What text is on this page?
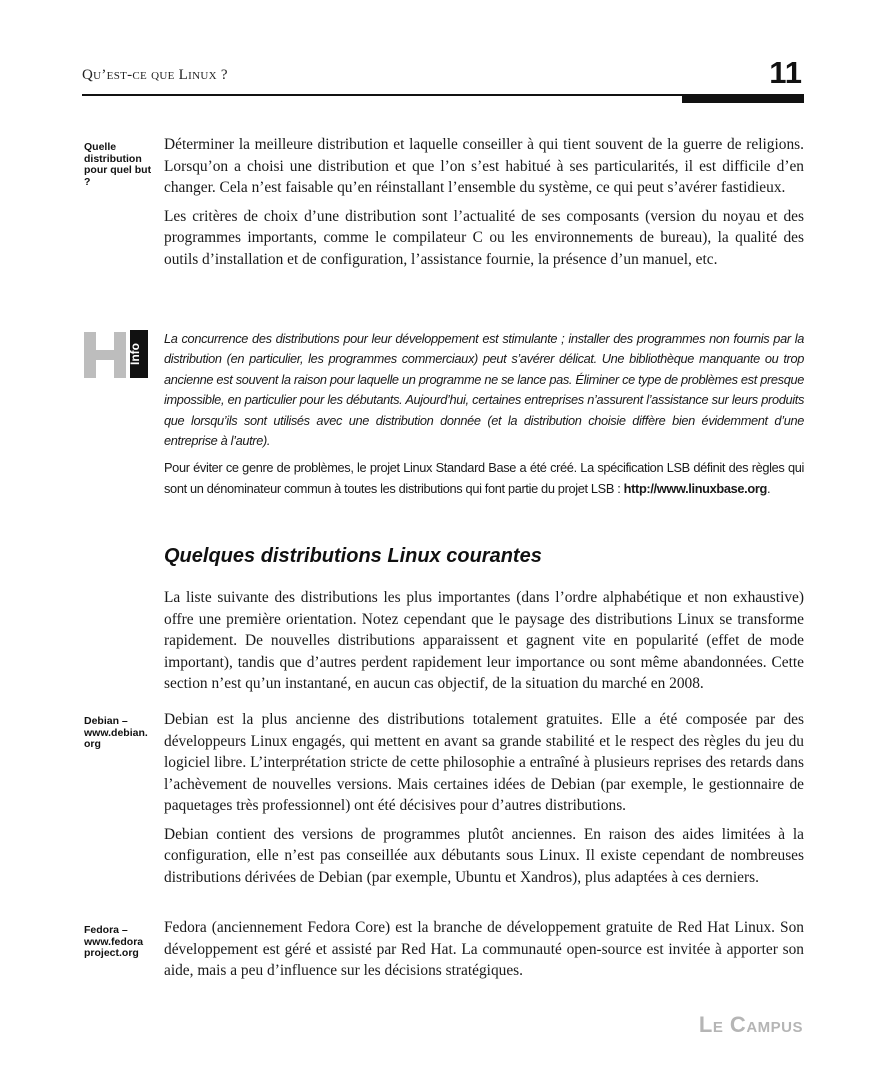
Qu’est-ce que Linux ?	11
Quelle distribution pour quel but ?

Déterminer la meilleure distribution et laquelle conseiller à qui tient souvent de la guerre de religions. Lorsqu’on a choisi une distribution et que l’on s’est habitué à ses particularités, il est difficile d’en changer. Cela n’est faisable qu’en réinstallant l’ensemble du système, ce qui peut s’avérer fastidieux.

Les critères de choix d’une distribution sont l’actualité de ses composants (version du noyau et des programmes importants, comme le compilateur C ou les environnements de bureau), la qualité des outils d’installation et de configuration, l’assistance fournie, la présence d’un manuel, etc.

Info

La concurrence des distributions pour leur développement est stimulante ; installer des programmes non fournis par la distribution (en particulier, les programmes commerciaux) peut s’avérer délicat. Une bibliothèque manquante ou trop ancienne est souvent la raison pour laquelle un programme ne se lance pas. Éliminer ce type de problèmes est presque impossible, en particulier pour les débutants. Aujourd’hui, certaines entreprises n’assurent l’assistance sur leurs produits que lorsqu’ils sont utilisés avec une distribution donnée (et la distribution choisie diffère bien évidemment d’une entreprise à l’autre).

Pour éviter ce genre de problèmes, le projet Linux Standard Base a été créé. La spécification LSB définit des règles qui sont un dénominateur commun à toutes les distributions qui font partie du projet LSB : http://www.linuxbase.org.

Quelques distributions Linux courantes

La liste suivante des distributions les plus importantes (dans l’ordre alphabétique et non exhaustive) offre une première orientation. Notez cependant que le paysage des distributions Linux se transforme rapidement. De nouvelles distributions apparaissent et gagnent vite en popularité (effet de mode important), tandis que d’autres perdent rapidement leur importance ou sont même abandonnées. Cette section n’est qu’un instantané, en aucun cas objectif, de la situation du marché en 2008.

Debian – www.debian. org

Debian est la plus ancienne des distributions totalement gratuites. Elle a été composée par des développeurs Linux engagés, qui mettent en avant sa grande stabilité et le respect des règles du jeu du logiciel libre. L’interprétation stricte de cette philosophie a entraîné à plusieurs reprises des retards dans l’achèvement de nouvelles versions. Mais certaines idées de Debian (par exemple, le gestionnaire de paquetages très professionnel) ont été décisives pour d’autres distributions.

Debian contient des versions de programmes plutôt anciennes. En raison des aides limitées à la configuration, elle n’est pas conseillée aux débutants sous Linux. Il existe cependant de nombreuses distributions dérivées de Debian (par exemple, Ubuntu et Xandros), plus adaptées à ces derniers.

Fedora – www.fedora project.org

Fedora (anciennement Fedora Core) est la branche de développement gratuite de Red Hat Linux. Son développement est géré et assisté par Red Hat. La communauté open-source est invitée à apporter son aide, mais a peu d’influence sur les décisions stratégiques.

Le Campus
